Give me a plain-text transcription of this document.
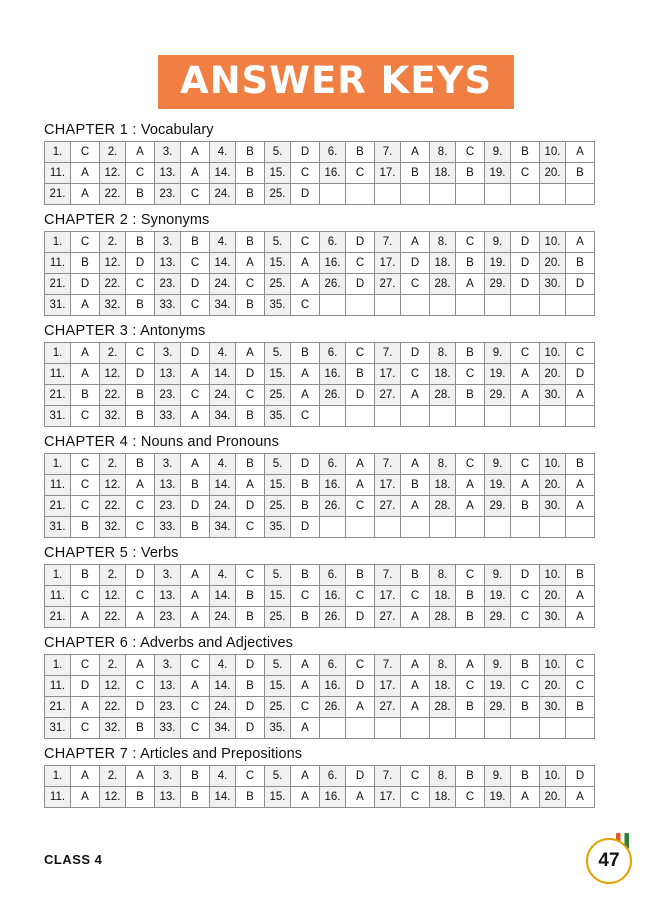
ANSWER KEYS
CHAPTER 1 : Vocabulary
1.	C	2.	A	3.	A	4.	B	5.	D	6.	B	7.	A	8.	C	9.	B	10.	A
11.	A	12.	C	13.	A	14.	B	15.	C	16.	C	17.	B	18.	B	19.	C	20.	B
21.	A	22.	B	23.	C	24.	B	25.	D										
CHAPTER 2 : Synonyms
1.	C	2.	B	3.	B	4.	B	5.	C	6.	D	7.	A	8.	C	9.	D	10.	A
11.	B	12.	D	13.	C	14.	A	15.	A	16.	C	17.	D	18.	B	19.	D	20.	B
21.	D	22.	C	23.	D	24.	C	25.	A	26.	D	27.	C	28.	A	29.	D	30.	D
31.	A	32.	B	33.	C	34.	B	35.	C										
CHAPTER 3 : Antonyms
1.	A	2.	C	3.	D	4.	A	5.	B	6.	C	7.	D	8.	B	9.	C	10.	C
11.	A	12.	D	13.	A	14.	D	15.	A	16.	B	17.	C	18.	C	19.	A	20.	D
21.	B	22.	B	23.	C	24.	C	25.	A	26.	D	27.	A	28.	B	29.	A	30.	A
31.	C	32.	B	33.	A	34.	B	35.	C										
CHAPTER 4 : Nouns and Pronouns
1.	C	2.	B	3.	A	4.	B	5.	D	6.	A	7.	A	8.	C	9.	C	10.	B
11.	C	12.	A	13.	B	14.	A	15.	B	16.	A	17.	B	18.	A	19.	A	20.	A
21.	C	22.	C	23.	D	24.	D	25.	B	26.	C	27.	A	28.	A	29.	B	30.	A
31.	B	32.	C	33.	B	34.	C	35.	D										
CHAPTER 5 : Verbs
1.	B	2.	D	3.	A	4.	C	5.	B	6.	B	7.	B	8.	C	9.	D	10.	B
11.	C	12.	C	13.	A	14.	B	15.	C	16.	C	17.	C	18.	B	19.	C	20.	A
21.	A	22.	A	23.	A	24.	B	25.	B	26.	D	27.	A	28.	B	29.	C	30.	A
CHAPTER 6 : Adverbs and Adjectives
1.	C	2.	A	3.	C	4.	D	5.	A	6.	C	7.	A	8.	A	9.	B	10.	C
11.	D	12.	C	13.	A	14.	B	15.	A	16.	D	17.	A	18.	C	19.	C	20.	C
21.	A	22.	D	23.	C	24.	D	25.	C	26.	A	27.	A	28.	B	29.	B	30.	B
31.	C	32.	B	33.	C	34.	D	35.	A										
CHAPTER 7 : Articles and Prepositions
1.	A	2.	A	3.	B	4.	C	5.	A	6.	D	7.	C	8.	B	9.	B	10.	D
11.	A	12.	B	13.	B	14.	B	15.	A	16.	A	17.	C	18.	C	19.	A	20.	A
CLASS 4	47
